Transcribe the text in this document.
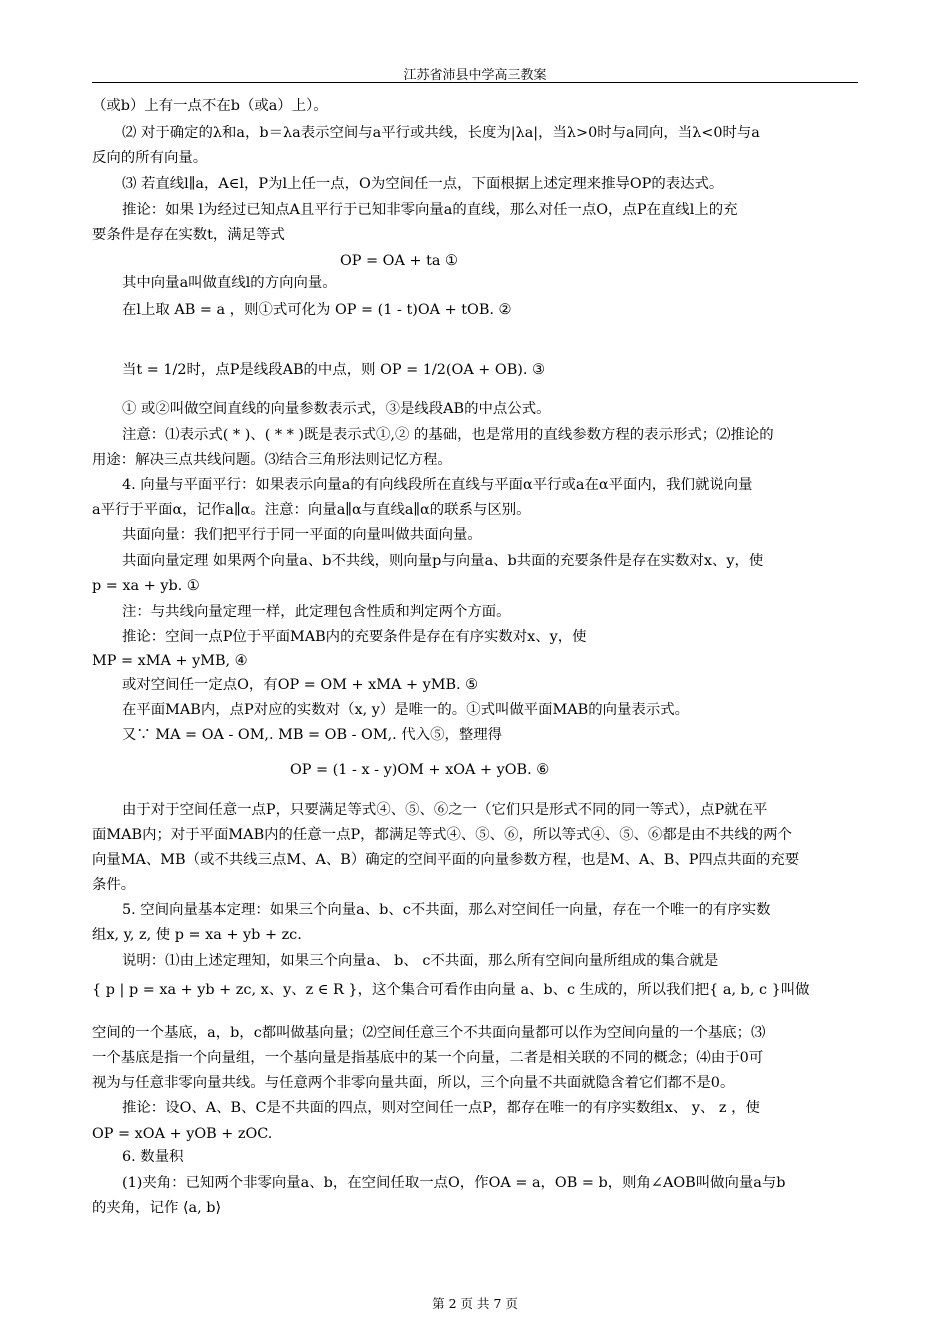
江苏省沛县中学高三教案
（或b）上有一点不在b（或a）上）。
⑵ 对于确定的λ和a，b＝λa表示空间与a平行或共线，长度为|λa|，当λ>0时与a同向，当λ<0时与a
反向的所有向量。
⑶ 若直线l∥a，A∈l，P为l上任一点，O为空间任一点，下面根据上述定理来推导OP的表达式。
推论：如果 l为经过已知点A且平行于已知非零向量a的直线，那么对任一点O，点P在直线l上的充
要条件是存在实数t，满足等式
OP = OA + ta ①
其中向量a叫做直线l的方向向量。
在l上取 AB = a ，则①式可化为 OP = (1 - t)OA + tOB. ②
当t = 1/2时，点P是线段AB的中点，则 OP = 1/2(OA + OB). ③
① 或②叫做空间直线的向量参数表示式，③是线段AB的中点公式。
注意：⑴表示式( * )、( * * )既是表示式①,② 的基础，也是常用的直线参数方程的表示形式；⑵推论的
用途：解决三点共线问题。⑶结合三角形法则记忆方程。
4. 向量与平面平行：如果表示向量a的有向线段所在直线与平面α平行或a在α平面内，我们就说向量
a平行于平面α，记作a∥α。注意：向量a∥α与直线a∥α的联系与区别。
共面向量：我们把平行于同一平面的向量叫做共面向量。
共面向量定理 如果两个向量a、b不共线，则向量p与向量a、b共面的充要条件是存在实数对x、y，使
p = xa + yb. ①
注：与共线向量定理一样，此定理包含性质和判定两个方面。
推论：空间一点P位于平面MAB内的充要条件是存在有序实数对x、y，使
MP = xMA + yMB, ④
或对空间任一定点O，有OP = OM + xMA + yMB. ⑤
在平面MAB内，点P对应的实数对（x, y）是唯一的。①式叫做平面MAB的向量表示式。
又∵ MA = OA - OM,. MB = OB - OM,. 代入⑤，整理得
OP = (1 - x - y)OM + xOA + yOB. ⑥
由于对于空间任意一点P，只要满足等式④、⑤、⑥之一（它们只是形式不同的同一等式），点P就在平
面MAB内；对于平面MAB内的任意一点P，都满足等式④、⑤、⑥，所以等式④、⑤、⑥都是由不共线的两个
向量MA、MB（或不共线三点M、A、B）确定的空间平面的向量参数方程，也是M、A、B、P四点共面的充要
条件。
5. 空间向量基本定理：如果三个向量a、b、c不共面，那么对空间任一向量，存在一个唯一的有序实数
组x, y, z, 使 p = xa + yb + zc.
说明：⑴由上述定理知，如果三个向量a、 b、 c不共面，那么所有空间向量所组成的集合就是
{ p | p = xa + yb + zc, x、y、z ∈ R }，这个集合可看作由向量 a、b、c 生成的，所以我们把{ a, b, c }叫做
空间的一个基底，a，b，c都叫做基向量；⑵空间任意三个不共面向量都可以作为空间向量的一个基底；⑶
一个基底是指一个向量组，一个基向量是指基底中的某一个向量，二者是相关联的不同的概念；⑷由于0可
视为与任意非零向量共线。与任意两个非零向量共面，所以，三个向量不共面就隐含着它们都不是0。
推论：设O、A、B、C是不共面的四点，则对空间任一点P，都存在唯一的有序实数组x、 y、 z ，使
OP = xOA + yOB + zOC.
6. 数量积
(1)夹角：已知两个非零向量a、b，在空间任取一点O，作OA = a，OB = b，则角∠AOB叫做向量a与b
的夹角，记作 ⟨a, b⟩
第 2 页 共 7 页
